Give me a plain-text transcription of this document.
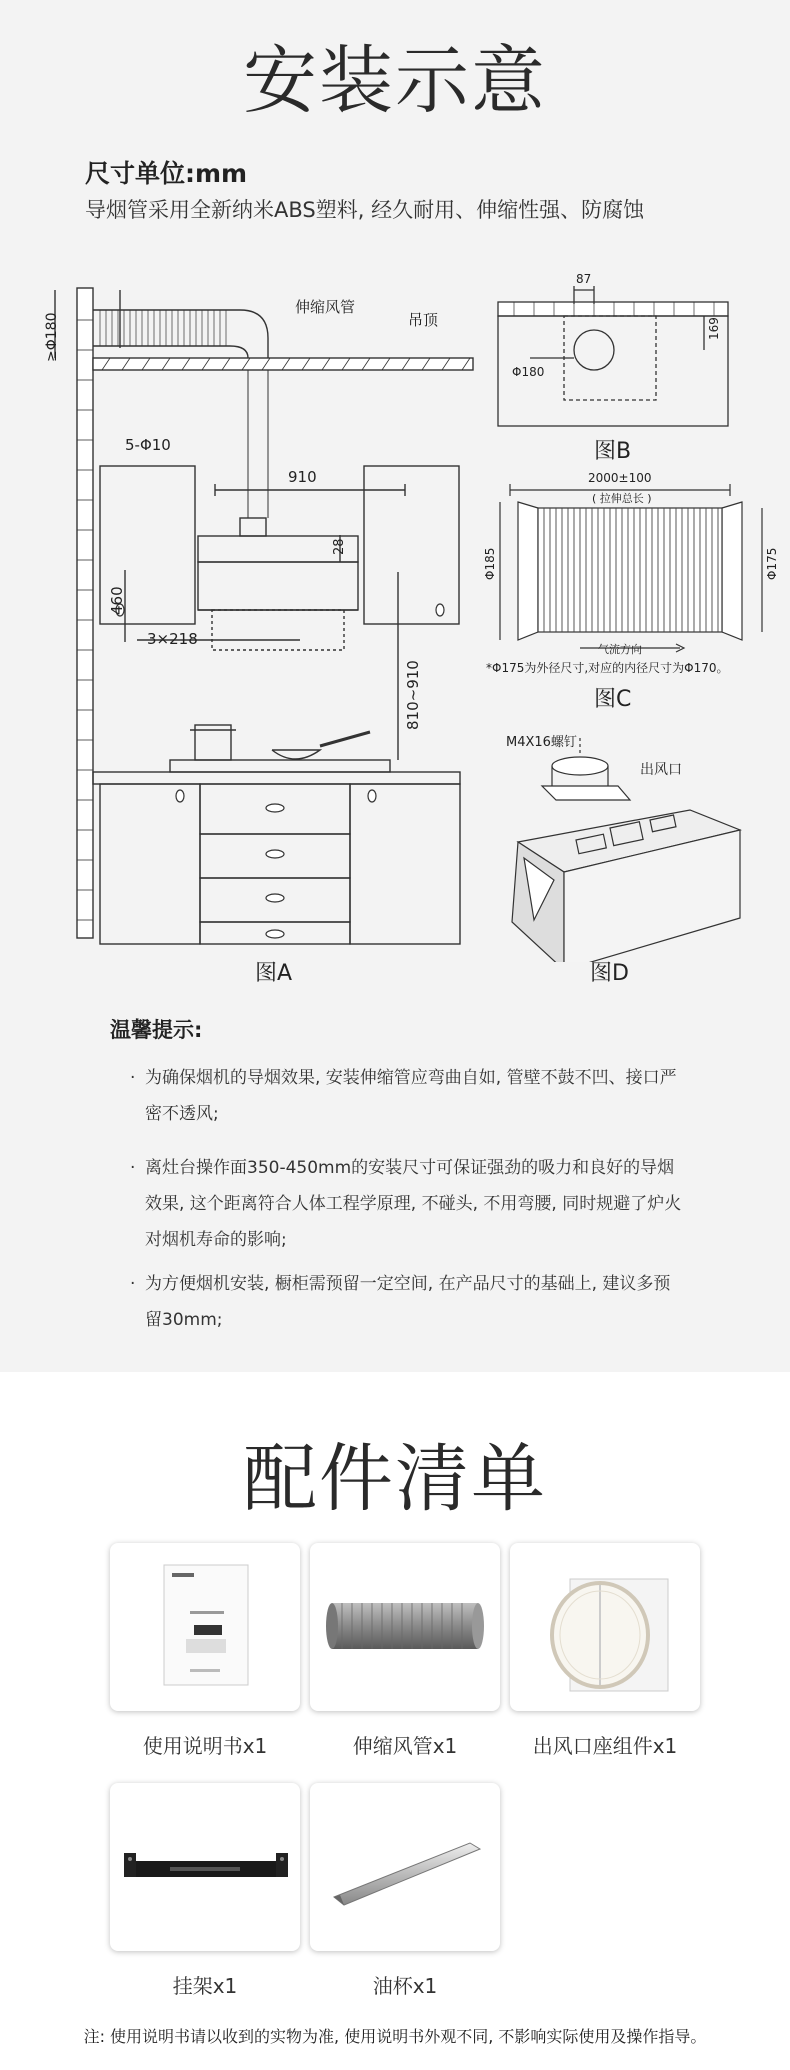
安装示意
尺寸单位:mm
导烟管采用全新纳米ABS塑料, 经久耐用、伸缩性强、防腐蚀
伸缩风管
吊顶
5-Φ10
910
28
460
3×218
810~910
≥Φ180
图A
87
169
Φ180
图B
2000±100
( 拉伸总长 )
Φ185	Φ175
气流方向
*Φ175为外径尺寸,对应的内径尺寸为Φ170。
图C
M4X16螺钉
出风口
图D
温馨提示:
· 为确保烟机的导烟效果, 安装伸缩管应弯曲自如, 管壁不鼓不凹、接口严密不透风;
· 离灶台操作面350-450mm的安装尺寸可保证强劲的吸力和良好的导烟效果, 这个距离符合人体工程学原理, 不碰头, 不用弯腰, 同时规避了炉火对烟机寿命的影响;
· 为方便烟机安装, 橱柜需预留一定空间, 在产品尺寸的基础上, 建议多预留30mm;
配件清单
使用说明书x1	伸缩风管x1	出风口座组件x1
挂架x1	油杯x1
注: 使用说明书请以收到的实物为准, 使用说明书外观不同, 不影响实际使用及操作指导。
